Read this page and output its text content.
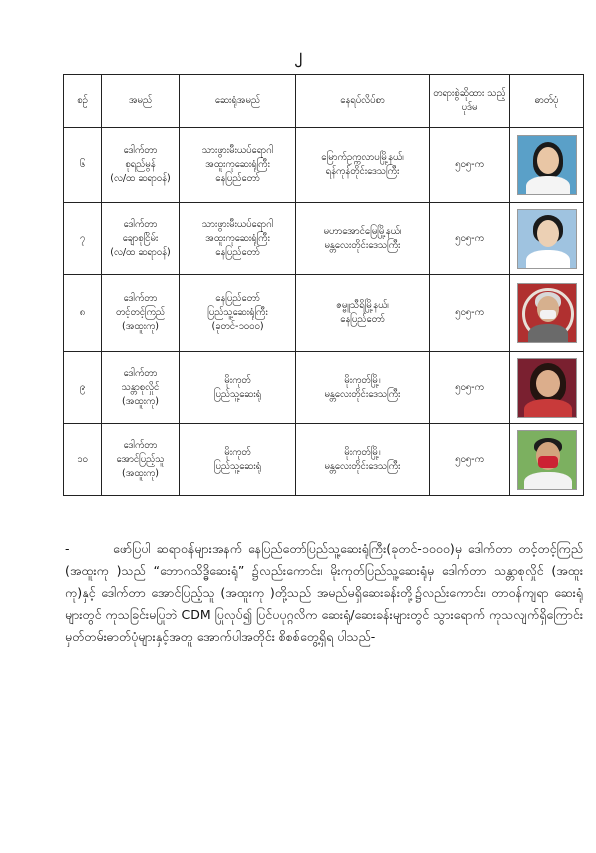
၂
စဉ်	အမည်	ဆေးရုံအမည်	နေရပ်လိပ်စာ	တရားစွဲဆိုထား သည့်ပုဒ်မ	ဓာတ်ပုံ
၆	ဒေါက်တာ
စုရည်မွန်
(လ/ထ ဆရာဝန်)	သားဖွားမီးယပ်ရောဂါ
အထူးကုဆေးရုံကြီး
နေပြည်တော်	မြောက်ဥက္ကလာပမြို့နယ်၊
ရန်ကုန်တိုင်းဒေသကြီး	၅၀၅-က	

၇	ဒေါက်တာ
ချောစုငြိမ်း
(လ/ထ ဆရာဝန်)	သားဖွားမီးယပ်ရောဂါ
အထူးကုဆေးရုံကြီး
နေပြည်တော်	မဟာအောင်မြေမြို့နယ်၊
မန္တလေးတိုင်းဒေသကြီး	၅၀၅-က	

၈	ဒေါက်တာ
တင့်တင့်ကြည်
(အထူးကု)	နေပြည်တော်
ပြည်သူ့ဆေးရုံကြီး
(ခုတင်-၁၀၀၀)	ဇမ္ဗူသီရိမြို့နယ်၊
နေပြည်တော်	၅၀၅-က	

၉	ဒေါက်တာ
သန္တာစုလှိုင်
(အထူးကု)	မိုးကုတ်
ပြည်သူ့ဆေးရုံ	မိုးကုတ်မြို့၊
မန္တလေးတိုင်းဒေသကြီး	၅၀၅-က	

၁၀	ဒေါက်တာ
အောင်ပြည့်သူ
(အထူးကု)	မိုးကုတ်
ပြည်သူ့ဆေးရုံ	မိုးကုတ်မြို့၊
မန္တလေးတိုင်းဒေသကြီး	၅၀၅-က	
-	ဖော်ပြပါ ဆရာဝန်များအနက် နေပြည်တော်ပြည်သူ့ဆေးရုံကြီး(ခုတင်-၁၀၀၀)မှ ဒေါက်တာ တင့်တင့်ကြည် (အထူးကု )သည် “ဘောဂသိဒ္ဓိဆေးရုံ” ၌လည်းကောင်း၊ မိုးကုတ်ပြည်သူ့ဆေးရုံမှ ဒေါက်တာ သန္တာစုလှိုင် (အထူးကု)နှင့် ဒေါက်တာ အောင်ပြည့်သူ (အထူးကု )တို့သည် အမည်မရှိဆေးခန်းတို့၌လည်းကောင်း၊ တာဝန်ကျရာ ဆေးရုံများတွင် ကုသခြင်းမပြုဘဲ CDM ပြုလုပ်၍ ပြင်ပပုဂ္ဂလိက ဆေးရုံ/ဆေးခန်းများတွင် သွားရောက် ကုသလျက်ရှိကြောင်း မှတ်တမ်းဓာတ်ပုံများနှင့်အတူ အောက်ပါအတိုင်း စိစစ်တွေ့ရှိရ ပါသည်-
